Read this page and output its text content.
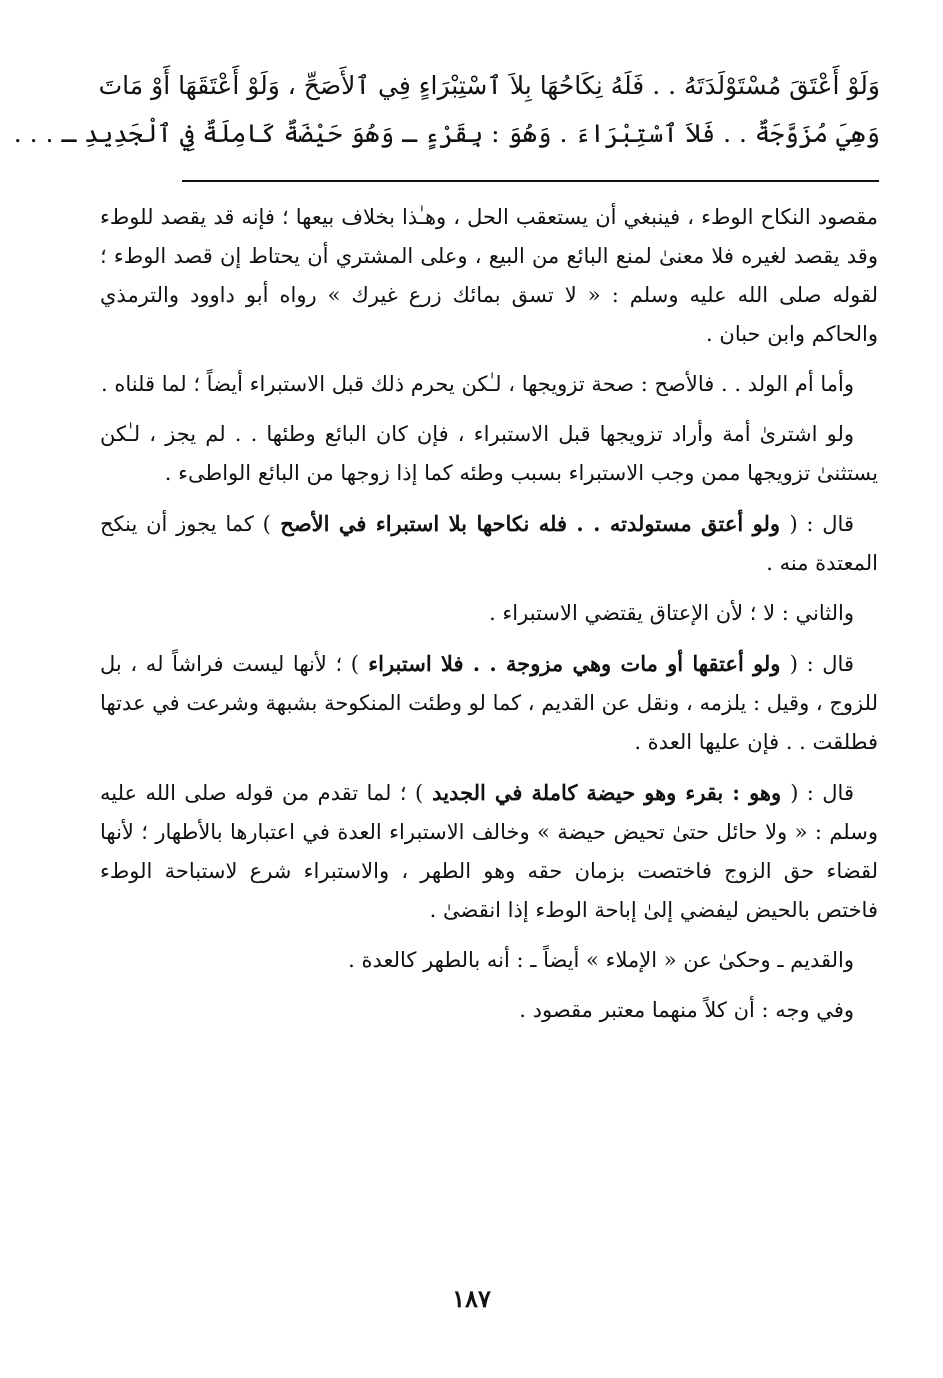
وَلَوْ أَعْتَقَ مُسْتَوْلَدَتَهُ . . فَلَهُ نِكَاحُهَا بِلاَ ٱسْتِبْرَاءٍ فِي ٱلأَصَحِّ ، وَلَوْ أَعْتَقَهَا أَوْ مَاتَ
وَهِيَ مُزَوَّجَةٌ . . فَلاَ ٱسْتِبْرَاءَ . وَهُوَ : بِقَرْءٍ ـ وَهُوَ حَيْضَةٌ كَامِلَةٌ فِي ٱلْجَدِيدِ ـ . . .

مقصود النكاح الوطء ، فينبغي أن يستعقب الحل ، وهـٰذا بخلاف بيعها ؛ فإنه قد يقصد للوطء وقد يقصد لغيره فلا معنىٰ لمنع البائع من البيع ، وعلى المشتري أن يحتاط إن قصد الوطء ؛ لقوله صلى الله عليه وسلم : « لا تسق بمائك زرع غيرك » رواه أبو داوود والترمذي والحاكم وابن حبان .

وأما أم الولد . . فالأصح : صحة تزويجها ، لـٰكن يحرم ذلك قبل الاستبراء أيضاً ؛ لما قلناه .

ولو اشترىٰ أمة وأراد تزويجها قبل الاستبراء ، فإن كان البائع وطئها . . لم يجز ، لـٰكن يستثنىٰ تزويجها ممن وجب الاستبراء بسبب وطئه كما إذا زوجها من البائع الواطىء .

قال : ( ولو أعتق مستولدته . . فله نكاحها بلا استبراء في الأصح ) كما يجوز أن ينكح المعتدة منه .

والثاني : لا ؛ لأن الإعتاق يقتضي الاستبراء .

قال : ( ولو أعتقها أو مات وهي مزوجة . . فلا استبراء ) ؛ لأنها ليست فراشاً له ، بل للزوج ، وقيل : يلزمه ، ونقل عن القديم ، كما لو وطئت المنكوحة بشبهة وشرعت في عدتها فطلقت . . فإن عليها العدة .

قال : ( وهو : بقرء وهو حيضة كاملة في الجديد ) ؛ لما تقدم من قوله صلى الله عليه وسلم : « ولا حائل حتىٰ تحيض حيضة » وخالف الاستبراء العدة في اعتبارها بالأطهار ؛ لأنها لقضاء حق الزوج فاختصت بزمان حقه وهو الطهر ، والاستبراء شرع لاستباحة الوطء فاختص بالحيض ليفضي إلىٰ إباحة الوطء إذا انقضىٰ .

والقديم ـ وحكىٰ عن « الإملاء » أيضاً ـ : أنه بالطهر كالعدة .

وفي وجه : أن كلاً منهما معتبر مقصود .

١٨٧
